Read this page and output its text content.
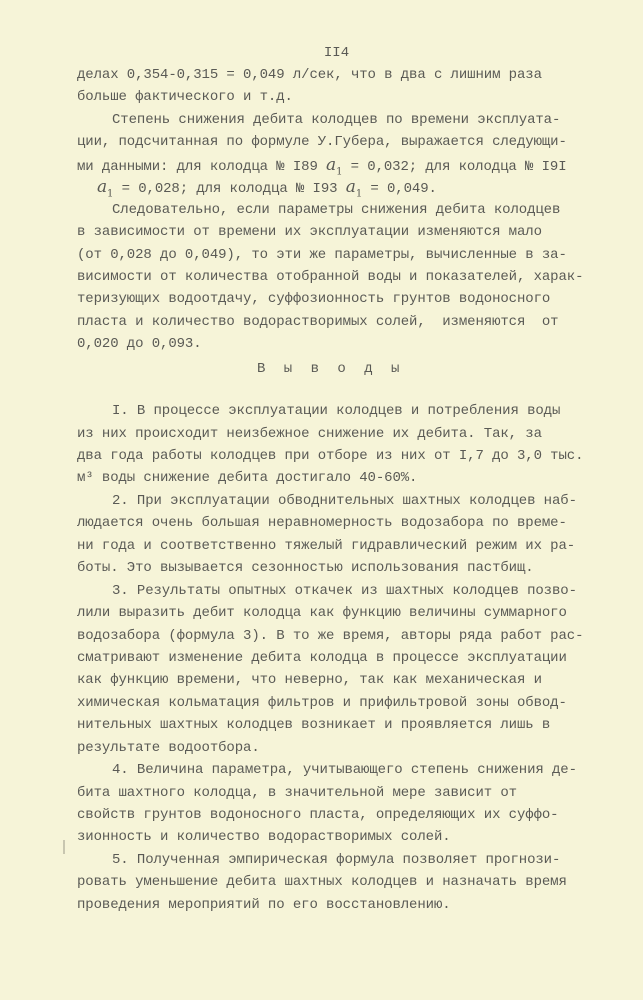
II4
делах 0,354-0,315 = 0,049 л/сек, что в два с лишним раза
больше фактического и т.д.
Степень снижения дебита колодцев по времени эксплуата-
ции, подсчитанная по формуле У.Губера, выражается следующи-
ми данными: для колодца № I89 $a_1 = 0,032$; для колодца № I9I
$a_1 = 0,028$; для колодца № I93 $a_1 = 0,049$.
Следовательно, если параметры снижения дебита колодцев
в зависимости от времени их эксплуатации изменяются мало
(от 0,028 до 0,049), то эти же параметры, вычисленные в за-
висимости от количества отобранной воды и показателей, харак-
теризующих водоотдачу, суффозионность грунтов водоносного
пласта и количество водорастворимых солей,  изменяются  от
0,020 до 0,093.
В ы в о д ы
I. В процессе эксплуатации колодцев и потребления воды
из них происходит неизбежное снижение их дебита. Так, за
два года работы колодцев при отборе из них от I,7 до 3,0 тыс.
м³ воды снижение дебита достигало 40-60%.
2. При эксплуатации обводнительных шахтных колодцев наб-
людается очень большая неравномерность водозабора по време-
ни года и соответственно тяжелый гидравлический режим их ра-
боты. Это вызывается сезонностью использования пастбищ.
3. Результаты опытных откачек из шахтных колодцев позво-
лили выразить дебит колодца как функцию величины суммарного
водозабора (формула 3). В то же время, авторы ряда работ рас-
сматривают изменение дебита колодца в процессе эксплуатации
как функцию времени, что неверно, так как механическая и
химическая кольматация фильтров и прифильтровой зоны обвод-
нительных шахтных колодцев возникает и проявляется лишь в
результате водоотбора.
4. Величина параметра, учитывающего степень снижения де-
бита шахтного колодца, в значительной мере зависит от
свойств грунтов водоносного пласта, определяющих их суффо-
зионность и количество водорастворимых солей.
5. Полученная эмпирическая формула позволяет прогнози-
ровать уменьшение дебита шахтных колодцев и назначать время
проведения мероприятий по его восстановлению.
